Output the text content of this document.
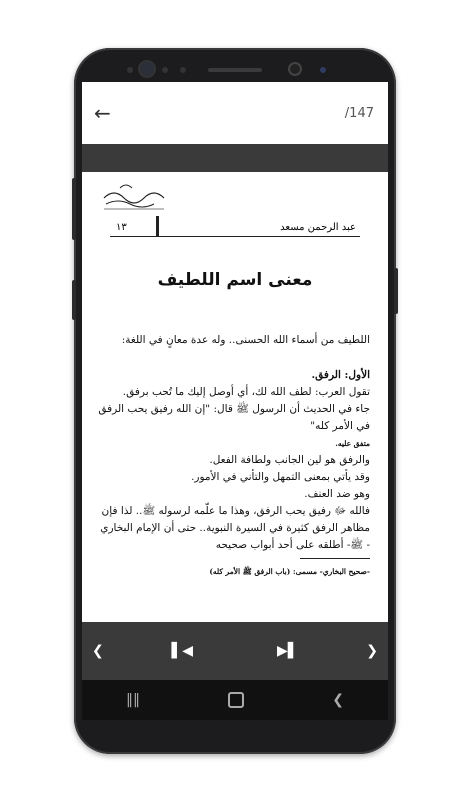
←	/147
عبد الرحمن مسعد
١٣
معنى اسم اللطيف

اللطيف من أسماء الله الحسنى.. وله عدة معانٍ في اللغة:

الأول: الرفق.

تقول العرب: لطف الله لك، أي أوصل إليك ما تُحب برفق.

جاء في الحديث أن الرسول ﷺ قال: "إن الله رفيق يحب الرفق في الأمر كله"

متفق عليه.

والرفق هو لين الجانب ولطافة الفعل.

وقد يأتي بمعنى التمهل والتأني في الأمور.

وهو ضد العنف.

فالله ﷻ رفيق يحب الرفق، وهذا ما علّمه لرسوله ﷺ.. لذا فإن مظاهر الرفق كثيرة في السيرة النبوية.. حتى أن الإمام البخاري - ﷺ- أطلقه على أحد أبواب صحيحه

-صحيح البخاري- مسمى: (باب الرفق ﷺ الأمر كله)

❮	▌◀	▶▌	❯
‖‖	❮
